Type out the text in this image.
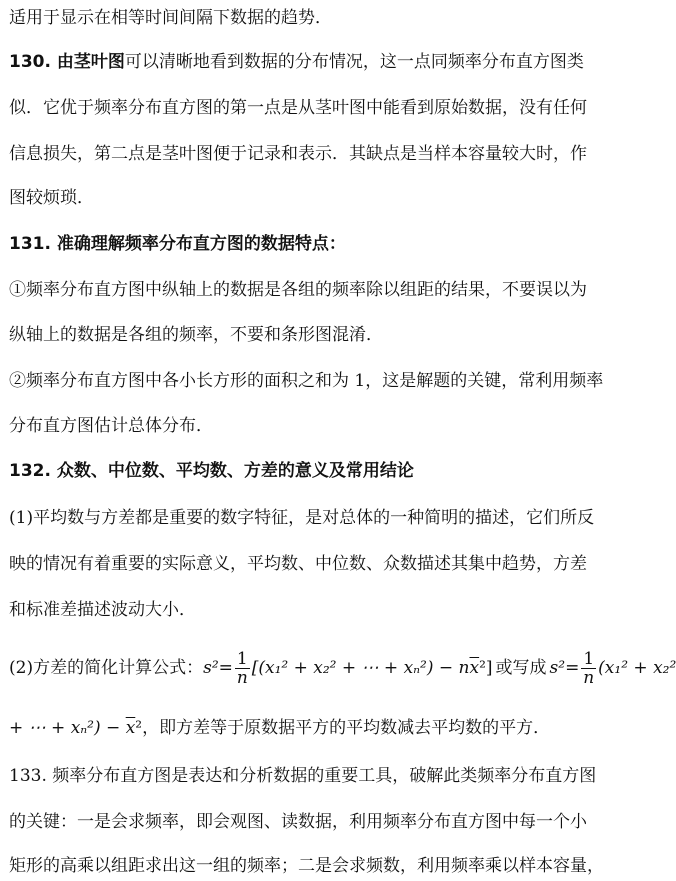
适用于显示在相等时间间隔下数据的趋势．
130. 由茎叶图可以清晰地看到数据的分布情况，这一点同频率分布直方图类
似．它优于频率分布直方图的第一点是从茎叶图中能看到原始数据，没有任何
信息损失，第二点是茎叶图便于记录和表示．其缺点是当样本容量较大时，作
图较烦琐．
131. 准确理解频率分布直方图的数据特点：
①频率分布直方图中纵轴上的数据是各组的频率除以组距的结果，不要误以为
纵轴上的数据是各组的频率，不要和条形图混淆．
②频率分布直方图中各小长方形的面积之和为 1，这是解题的关键，常利用频率
分布直方图估计总体分布．
132. 众数、中位数、平均数、方差的意义及常用结论
(1)平均数与方差都是重要的数字特征，是对总体的一种简明的描述，它们所反
映的情况有着重要的实际意义，平均数、中位数、众数描述其集中趋势，方差
和标准差描述波动大小．
(2)方差的简化计算公式： $s^2 = \frac{1}{n} [(x_1^2 + x_2^2$ + ⋯ + xₙ²) − n $\overline{x}$ ²] 或写成 $s^2 = \frac{1}{n} (x_1^2 + x_2^2$
+ ⋯ + $x_n^2) - \overline{x}^2$，即方差等于原数据平方的平均数减去平均数的平方．
133. 频率分布直方图是表达和分析数据的重要工具，破解此类频率分布直方图
的关键：一是会求频率，即会观图、读数据，利用频率分布直方图中每一个小
矩形的高乘以组距求出这一组的频率；二是会求频数，利用频率乘以样本容量，
